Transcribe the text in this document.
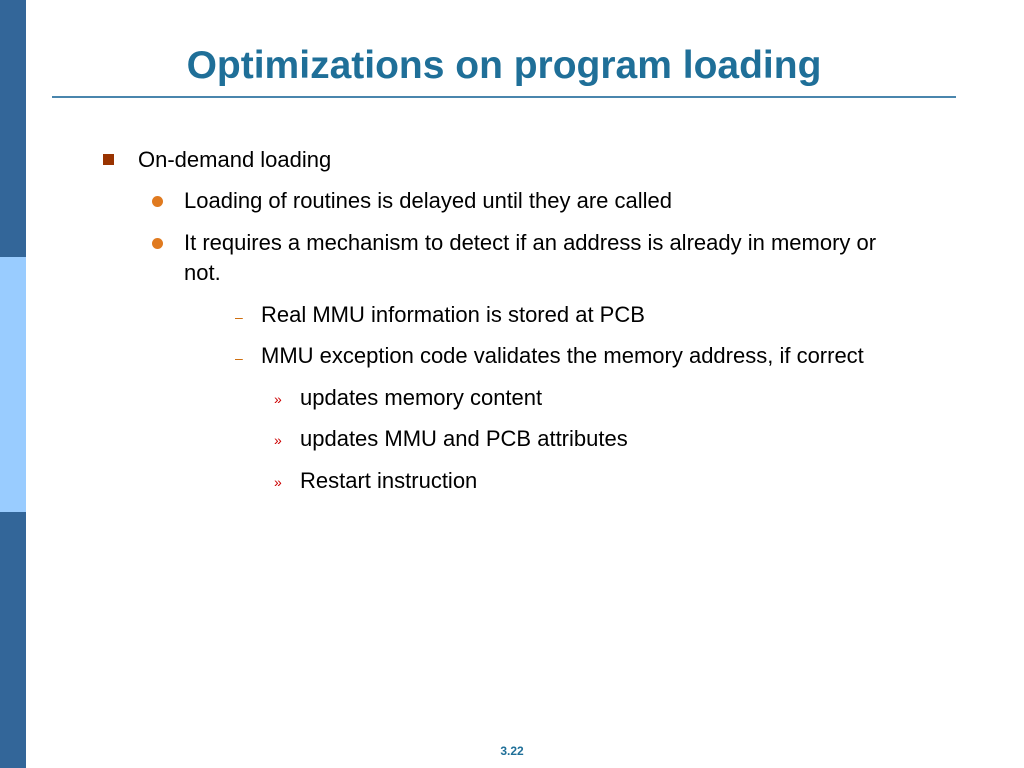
Optimizations on program loading
On-demand loading
Loading of routines is delayed until they are called
It requires a mechanism to detect if an address is already in memory or
not.
– Real MMU information is stored at PCB
– MMU exception code validates the memory address, if correct
» updates memory content
» updates MMU and PCB attributes
» Restart instruction
3.22
